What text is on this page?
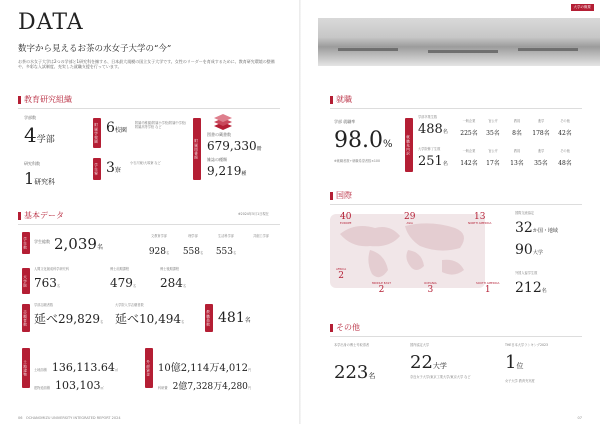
DATA
数字から見えるお茶の水女子大学の“今”
お茶の水女子大学は2つの学部と1研究科を擁する、日本最大規模の国立女子大学です。女性のリーダーを育成するために、教育研究環境の整備や、多彩な入試制度、充実した就職支援を行っています。
教育研究組織
学部数
4学部
研究科数
1研究科
附属学校園 6校園
附属幼稚園/附属小学校/附属中学校/附属高等学校 など
学生寮 3寮
小石川寮/大塚寮 など
附属図書館
図書の蔵書数
679,330冊
雑誌の種類
9,219種
基本データ	※2024年5月1日現在
学生数	学生総数 2,039名
文教育学部
928名
理学部
558名
生活科学部
553名
共創工学部
大学院
人間文化創成科学研究科
763名
博士前期課程
479名
博士後期課程
284名
志願者数
学部志願者数
延べ29,829名
大学院入学志願者数
延べ10,494名	教職員数 481名
土地建物	土地面積 136,113.64㎡
建物延面積 103,103㎡
外部資金 10億2,114万4,012円
科研費 2億7,328万4,280円
06 OCHANOMIZU UNIVERSITY INTEGRATED REPORT 2024
大学の概要
就職
学部 就職率
98.0%
※就職者数÷就職希望者数×100
就職先内訳
学部卒業生数
488名
大学院修了生数
251名
一般企業	官公庁	教員	進学	その他
225名	35名	8名	178名	42名
一般企業	官公庁	教員	進学	その他
142名	17名	13名	35名	48名
国際
40
EUROPE
29
ASIA
13
NORTH AMERICA
AFRICA
2
MIDDLE EAST
2
OCEANIA
3
SOUTH AMERICA
1
国際交流協定
32か国・地域
90大学
外国人留学生数
212名
その他
本学出身の博士号取得者
223名
国内協定大学
22大学
奈良女子大学/東京工業大学/東京大学 など
THE日本大学ランキング2023
1位
女子大学 教育充実度
07
